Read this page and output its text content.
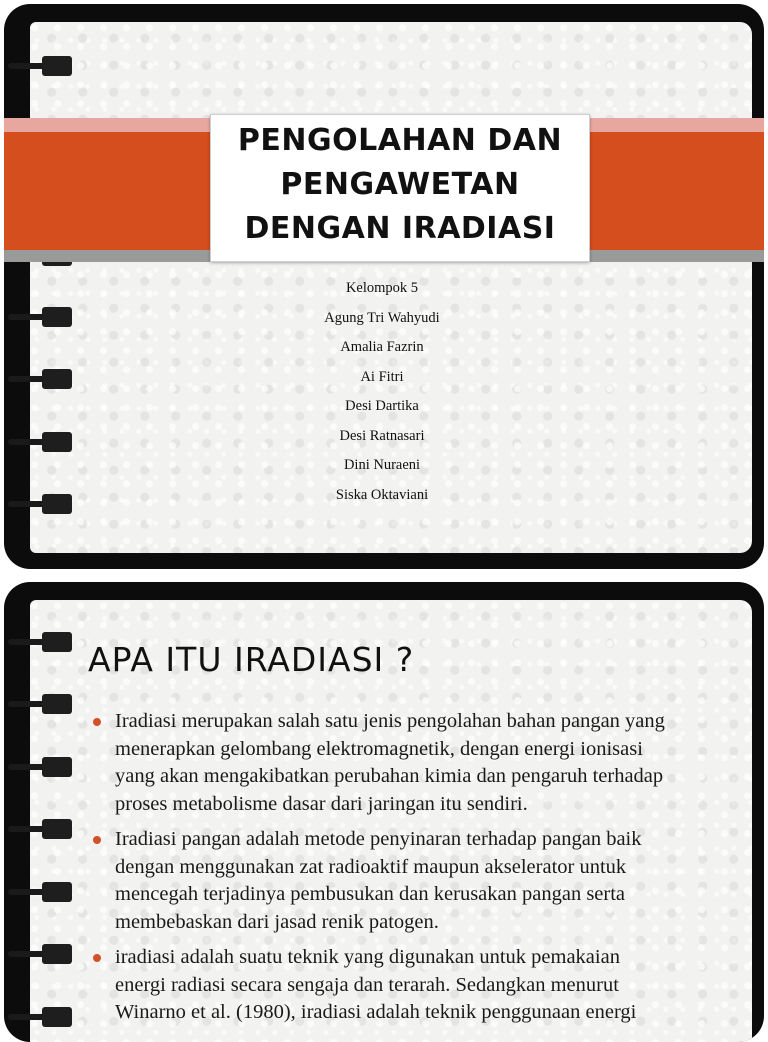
PENGOLAHAN DAN
PENGAWETAN
DENGAN IRADIASI
Kelompok 5
Agung Tri Wahyudi
Amalia Fazrin
Ai Fitri
Desi Dartika
Desi Ratnasari
Dini Nuraeni
Siska Oktaviani
APA ITU IRADIASI ?
Iradiasi merupakan salah satu jenis pengolahan bahan pangan yang
menerapkan gelombang elektromagnetik, dengan energi ionisasi
yang akan mengakibatkan perubahan kimia dan pengaruh terhadap
proses metabolisme dasar dari jaringan itu sendiri.
Iradiasi pangan adalah metode penyinaran terhadap pangan baik
dengan menggunakan zat radioaktif maupun akselerator untuk
mencegah terjadinya pembusukan dan kerusakan pangan serta
membebaskan dari jasad renik patogen.
iradiasi adalah suatu teknik yang digunakan untuk pemakaian
energi radiasi secara sengaja dan terarah. Sedangkan menurut
Winarno et al. (1980), iradiasi adalah teknik penggunaan energi
